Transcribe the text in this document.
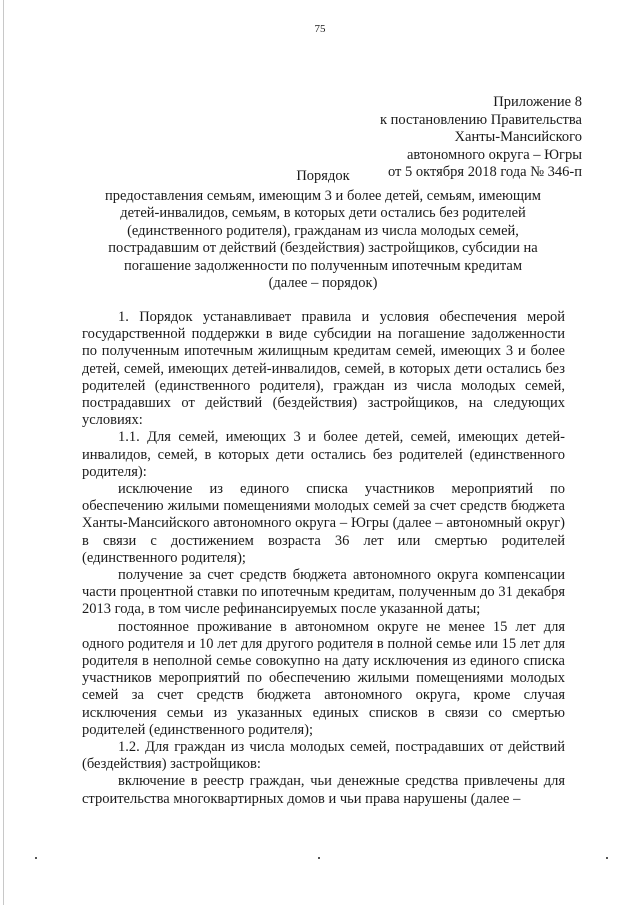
75
Приложение 8
к постановлению Правительства
Ханты-Мансийского
автономного округа – Югры
от 5 октября 2018 года № 346-п
Порядок
предоставления семьям, имеющим 3 и более детей, семьям, имеющим
детей-инвалидов, семьям, в которых дети остались без родителей
(единственного родителя), гражданам из числа молодых семей,
пострадавшим от действий (бездействия) застройщиков, субсидии на
погашение задолженности по полученным ипотечным кредитам
(далее – порядок)

1. Порядок устанавливает правила и условия обеспечения мерой государственной поддержки в виде субсидии на погашение задолженности по полученным ипотечным жилищным кредитам семей, имеющих 3 и более детей, семей, имеющих детей-инвалидов, семей, в которых дети остались без родителей (единственного родителя), граждан из числа молодых семей, пострадавших от действий (бездействия) застройщиков, на следующих условиях:

1.1. Для семей, имеющих 3 и более детей, семей, имеющих детей-инвалидов, семей, в которых дети остались без родителей (единственного родителя):

исключение из единого списка участников мероприятий по обеспечению жилыми помещениями молодых семей за счет средств бюджета Ханты-Мансийского автономного округа – Югры (далее – автономный округ) в связи с достижением возраста 36 лет или смертью родителей (единственного родителя);

получение за счет средств бюджета автономного округа компенсации части процентной ставки по ипотечным кредитам, полученным до 31 декабря 2013 года, в том числе рефинансируемых после указанной даты;

постоянное проживание в автономном округе не менее 15 лет для одного родителя и 10 лет для другого родителя в полной семье или 15 лет для родителя в неполной семье совокупно на дату исключения из единого списка участников мероприятий по обеспечению жилыми помещениями молодых семей за счет средств бюджета автономного округа, кроме случая исключения семьи из указанных единых списков в связи со смертью родителей (единственного родителя);

1.2. Для граждан из числа молодых семей, пострадавших от действий (бездействия) застройщиков:

включение в реестр граждан, чьи денежные средства привлечены для строительства многоквартирных домов и чьи права нарушены (далее –
